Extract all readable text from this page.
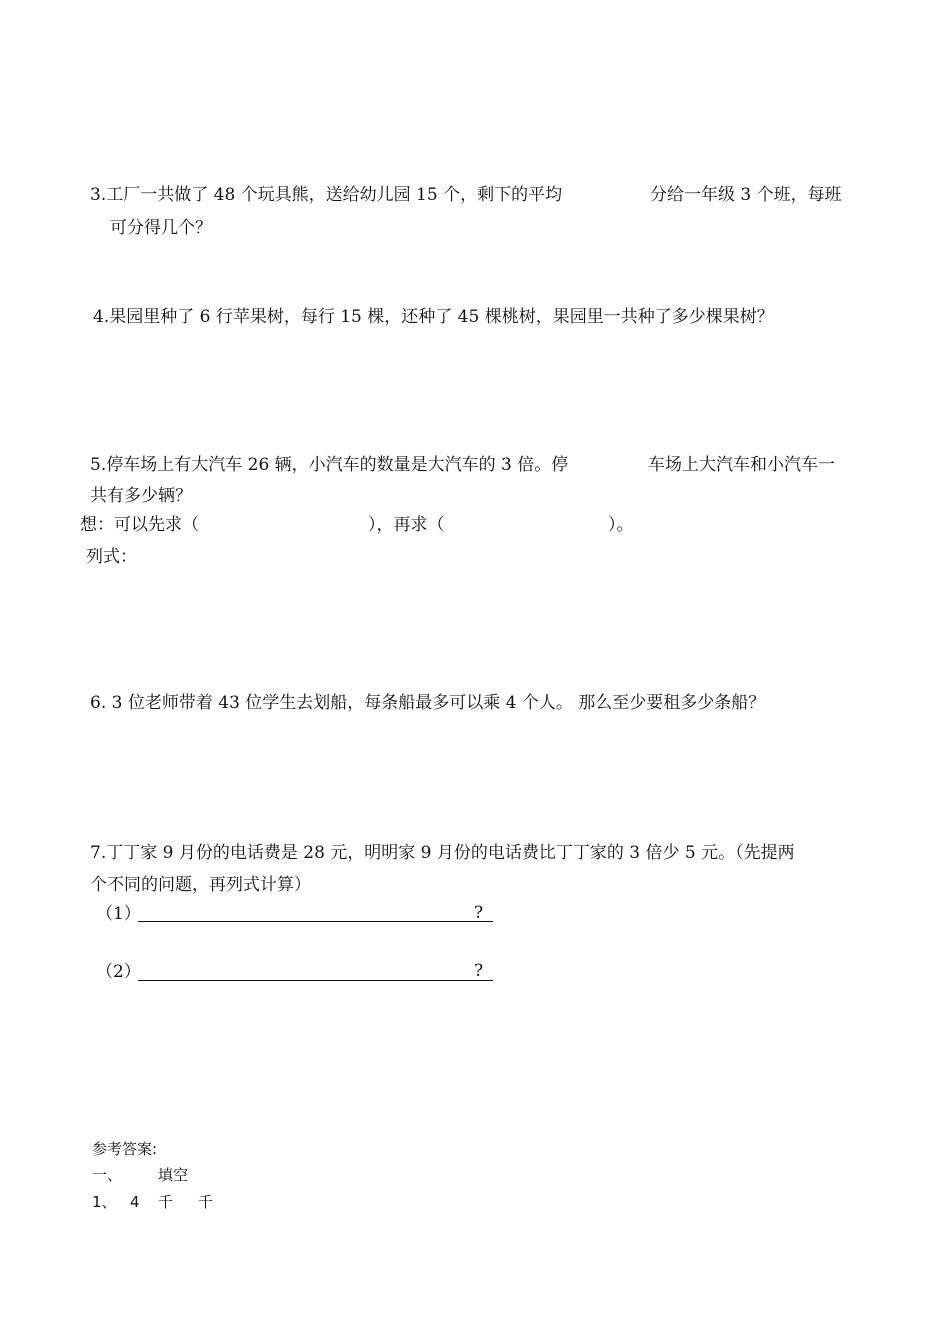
3.工厂一共做了 48 个玩具熊，送给幼儿园 15 个，剩下的平均	分给一年级 3 个班，每班
可分得几个？
4.果园里种了 6 行苹果树，每行 15 棵，还种了 45 棵桃树，果园里一共种了多少棵果树？
5.停车场上有大汽车 26 辆，小汽车的数量是大汽车的 3 倍。停	车场上大汽车和小汽车一
共有多少辆？
想：可以先求（	），再求（	）。
列式：
6. 3 位老师带着 43 位学生去划船，每条船最多可以乘 4 个人。 那么至少要租多少条船？
7.丁丁家 9 月份的电话费是 28 元，明明家 9 月份的电话费比丁丁家的 3 倍少 5 元。（先提两
个不同的问题，再列式计算）
（1）	?
（2）	?
参考答案:
一、 填空
1、 4 千 千
